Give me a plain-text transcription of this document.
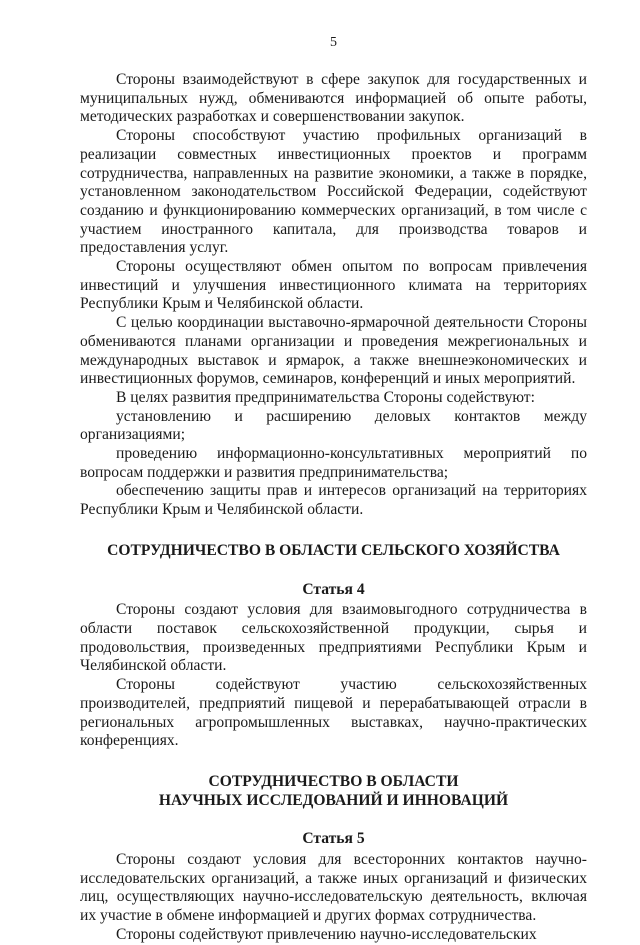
5

Стороны взаимодействуют в сфере закупок для государственных и муниципальных нужд, обмениваются информацией об опыте работы, методических разработках и совершенствовании закупок.

Стороны способствуют участию профильных организаций в реализации совместных инвестиционных проектов и программ сотрудничества, направленных на развитие экономики, а также в порядке, установленном законодательством Российской Федерации, содействуют созданию и функционированию коммерческих организаций, в том числе с участием иностранного капитала, для производства товаров и предоставления услуг.

Стороны осуществляют обмен опытом по вопросам привлечения инвестиций и улучшения инвестиционного климата на территориях Республики Крым и Челябинской области.

С целью координации выставочно-ярмарочной деятельности Стороны обмениваются планами организации и проведения межрегиональных и международных выставок и ярмарок, а также внешнеэкономических и инвестиционных форумов, семинаров, конференций и иных мероприятий.

В целях развития предпринимательства Стороны содействуют:

установлению и расширению деловых контактов между организациями;

проведению информационно-консультативных мероприятий по вопросам поддержки и развития предпринимательства;

обеспечению защиты прав и интересов организаций на территориях Республики Крым и Челябинской области.

СОТРУДНИЧЕСТВО В ОБЛАСТИ СЕЛЬСКОГО ХОЗЯЙСТВА
Статья 4

Стороны создают условия для взаимовыгодного сотрудничества в области поставок сельскохозяйственной продукции, сырья и продовольствия, произведенных предприятиями Республики Крым и Челябинской области.

Стороны содействуют участию сельскохозяйственных производителей, предприятий пищевой и перерабатывающей отрасли в региональных агропромышленных выставках, научно-практических конференциях.

СОТРУДНИЧЕСТВО В ОБЛАСТИ
НАУЧНЫХ ИССЛЕДОВАНИЙ И ИННОВАЦИЙ
Статья 5

Стороны создают условия для всесторонних контактов научно-исследовательских организаций, а также иных организаций и физических лиц, осуществляющих научно-исследовательскую деятельность, включая их участие в обмене информацией и других формах сотрудничества.

Стороны содействуют привлечению научно-исследовательских
